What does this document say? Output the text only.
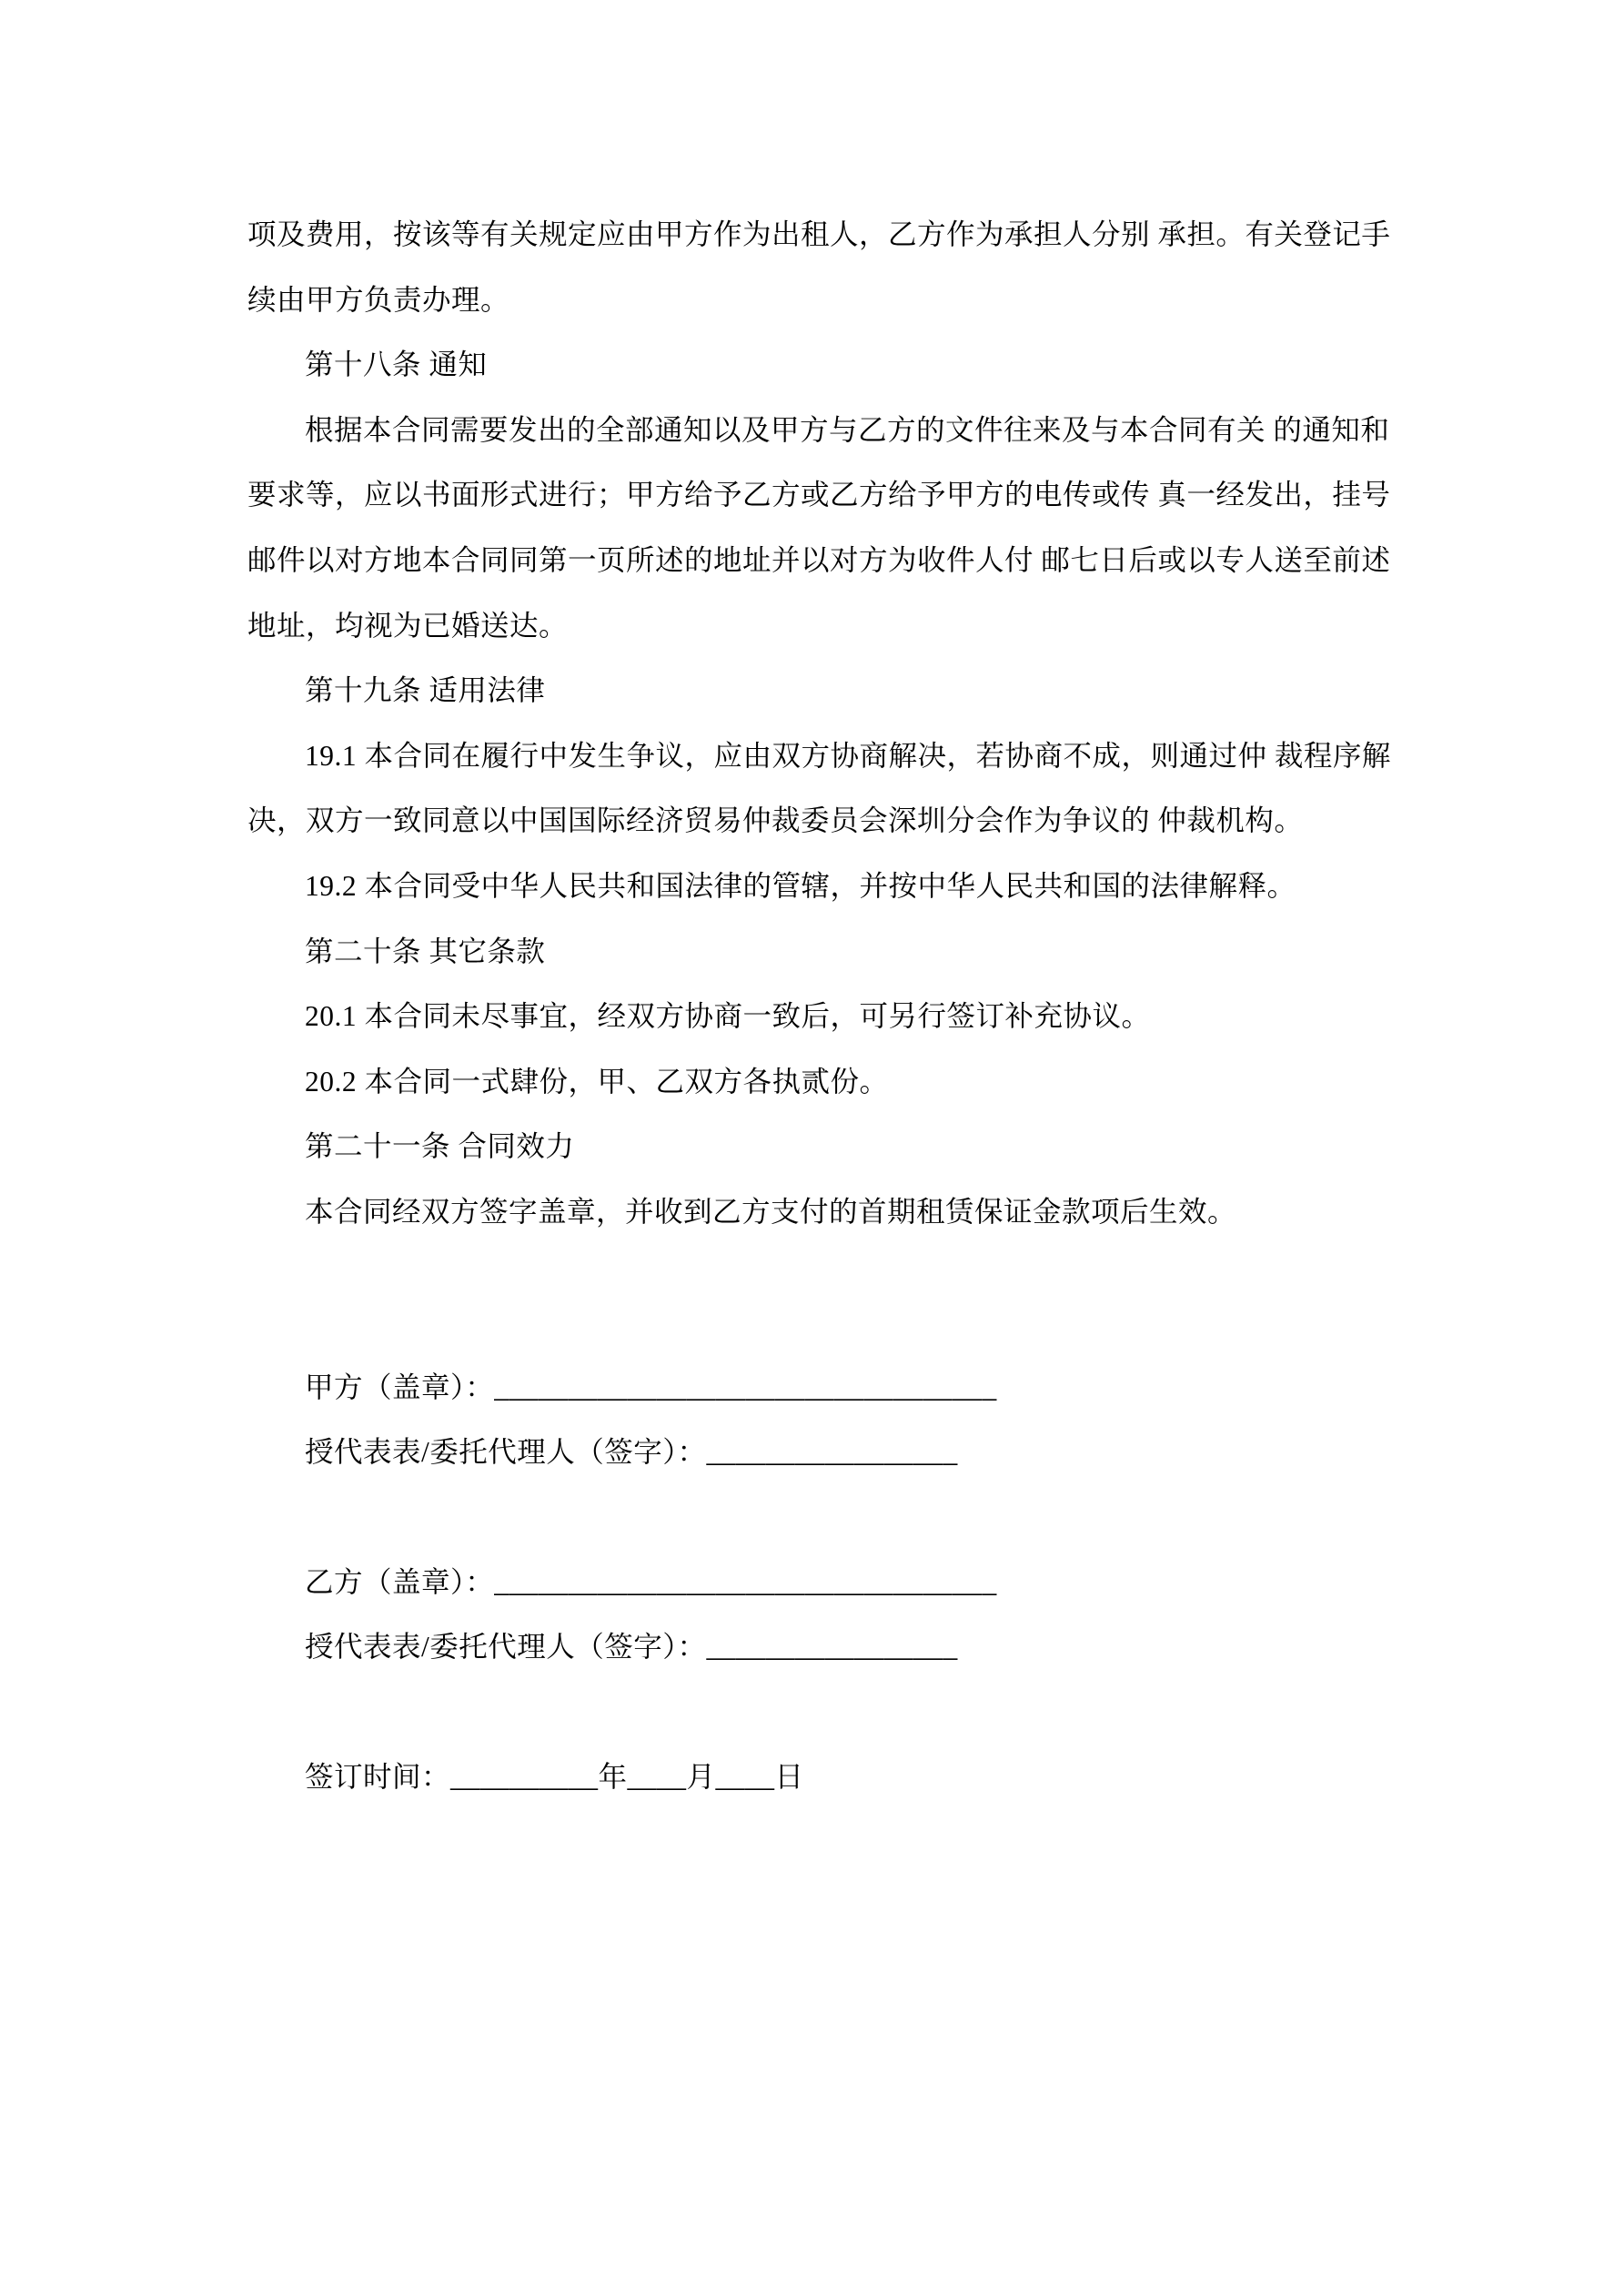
项及费用，按该等有关规定应由甲方作为出租人，乙方作为承担人分别 承担。有关登记手
续由甲方负责办理。
第十八条 通知
根据本合同需要发出的全部通知以及甲方与乙方的文件往来及与本合同有关 的通知和
要求等，应以书面形式进行；甲方给予乙方或乙方给予甲方的电传或传 真一经发出，挂号
邮件以对方地本合同同第一页所述的地址并以对方为收件人付 邮七日后或以专人送至前述
地址，均视为已婚送达。
第十九条 适用法律
19.1 本合同在履行中发生争议，应由双方协商解决，若协商不成，则通过仲 裁程序解
决，双方一致同意以中国国际经济贸易仲裁委员会深圳分会作为争议的 仲裁机构。
19.2 本合同受中华人民共和国法律的管辖，并按中华人民共和国的法律解释。
第二十条 其它条款
20.1 本合同未尽事宜，经双方协商一致后，可另行签订补充协议。
20.2 本合同一式肆份，甲、乙双方各执贰份。
第二十一条 合同效力
本合同经双方签字盖章，并收到乙方支付的首期租赁保证金款项后生效。
甲方（盖章）：__________________________________
授代表表/委托代理人（签字）：_________________
乙方（盖章）：__________________________________
授代表表/委托代理人（签字）：_________________
签订时间：__________年____月____日
